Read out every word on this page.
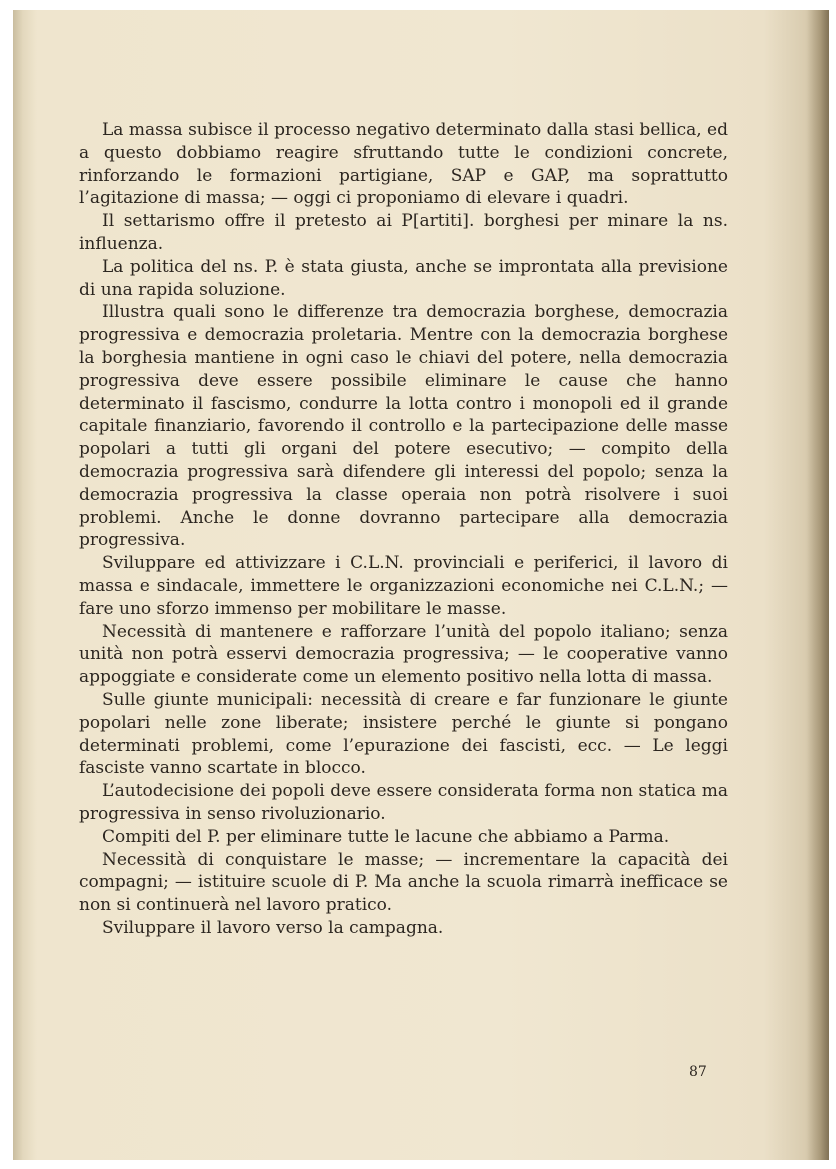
La massa subisce il processo negativo determinato dalla stasi bellica, ed a questo dobbiamo reagire sfruttando tutte le condizioni concrete, rinforzando le formazioni partigiane, SAP e GAP, ma soprattutto l’agitazione di massa; — oggi ci proponiamo di elevare i quadri.

Il settarismo offre il pretesto ai P[artiti]. borghesi per minare la ns. influenza.

La politica del ns. P. è stata giusta, anche se improntata alla previsione di una rapida soluzione.

Illustra quali sono le differenze tra democrazia borghese, democrazia progressiva e democrazia proletaria. Mentre con la democrazia borghese la borghesia mantiene in ogni caso le chiavi del potere, nella democrazia progressiva deve essere possibile eliminare le cause che hanno determinato il fascismo, condurre la lotta contro i monopoli ed il grande capitale finanziario, favorendo il controllo e la partecipazione delle masse popolari a tutti gli organi del potere esecutivo; — compito della democrazia progressiva sarà difendere gli interessi del popolo; senza la democrazia progressiva la classe operaia non potrà risolvere i suoi problemi. Anche le donne dovranno partecipare alla democrazia progressiva.

Sviluppare ed attivizzare i C.L.N. provinciali e periferici, il lavoro di massa e sindacale, immettere le organizzazioni economiche nei C.L.N.; — fare uno sforzo immenso per mobilitare le masse.

Necessità di mantenere e rafforzare l’unità del popolo italiano; senza unità non potrà esservi democrazia progressiva; — le cooperative vanno appoggiate e considerate come un elemento positivo nella lotta di massa.

Sulle giunte municipali: necessità di creare e far funzionare le giunte popolari nelle zone liberate; insistere perché le giunte si pongano determinati problemi, come l’epurazione dei fascisti, ecc. — Le leggi fasciste vanno scartate in blocco.

L’autodecisione dei popoli deve essere considerata forma non statica ma progressiva in senso rivoluzionario.

Compiti del P. per eliminare tutte le lacune che abbiamo a Parma.

Necessità di conquistare le masse; — incrementare la capacità dei compagni; — istituire scuole di P. Ma anche la scuola rimarrà inefficace se non si continuerà nel lavoro pratico.

Sviluppare il lavoro verso la campagna.

87
